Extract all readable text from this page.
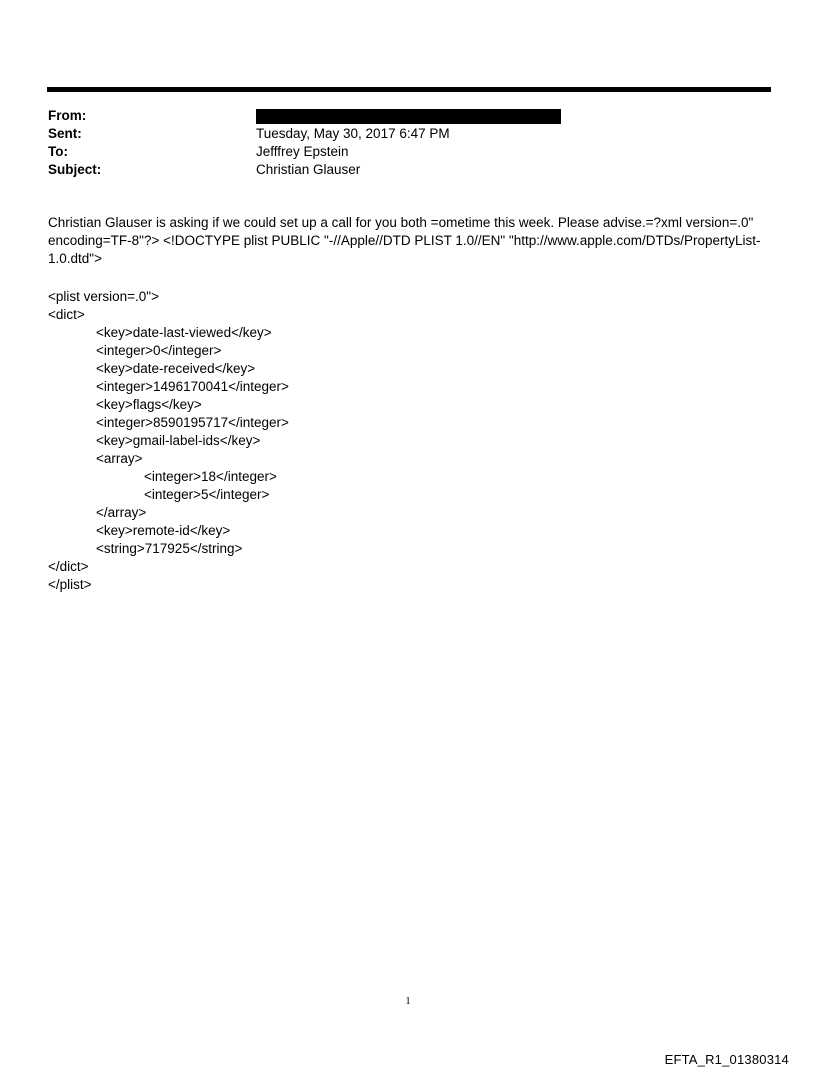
From:
Sent:	Tuesday, May 30, 2017 6:47 PM
To:	Jefffrey Epstein
Subject:	Christian Glauser

Christian Glauser is asking if we could set up a call for you both =ometime this week. Please advise.=?xml version=.0" encoding=TF-8"?> <!DOCTYPE plist PUBLIC "-//Apple//DTD PLIST 1.0//EN" "http://www.apple.com/DTDs/PropertyList-1.0.dtd">

<plist version=.0">
<dict>
<key>date-last-viewed</key>
<integer>0</integer>
<key>date-received</key>
<integer>1496170041</integer>
<key>flags</key>
<integer>8590195717</integer>
<key>gmail-label-ids</key>
<array>
<integer>18</integer>
<integer>5</integer>
</array>
<key>remote-id</key>
<string>717925</string>
</dict>
</plist>
1
EFTA_R1_01380314
